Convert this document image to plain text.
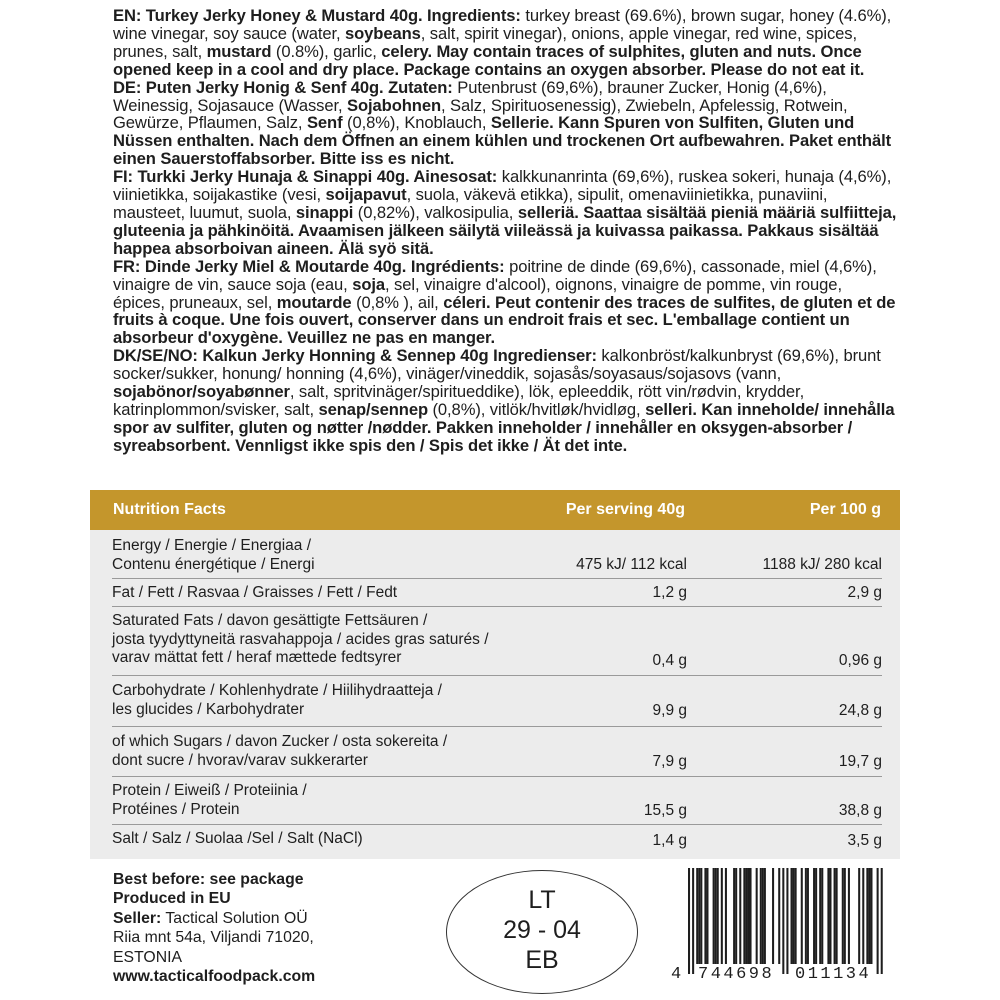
EN: Turkey Jerky Honey & Mustard 40g. Ingredients: turkey breast (69.6%), brown sugar, honey (4.6%), wine vinegar, soy sauce (water, soybeans, salt, spirit vinegar), onions, apple vinegar, red wine, spices, prunes, salt, mustard (0.8%), garlic, celery. May contain traces of sulphites, gluten and nuts. Once opened keep in a cool and dry place. Package contains an oxygen absorber. Please do not eat it.

DE: Puten Jerky Honig & Senf 40g. Zutaten: Putenbrust (69,6%), brauner Zucker, Honig (4,6%), Weinessig, Sojasauce (Wasser, Sojabohnen, Salz, Spirituosenessig), Zwiebeln, Apfelessig, Rotwein, Gewürze, Pflaumen, Salz, Senf (0,8%), Knoblauch, Sellerie. Kann Spuren von Sulfiten, Gluten und Nüssen enthalten. Nach dem Öffnen an einem kühlen und trockenen Ort aufbewahren. Paket enthält einen Sauerstoffabsorber. Bitte iss es nicht.

FI: Turkki Jerky Hunaja & Sinappi 40g. Ainesosat: kalkkunanrinta (69,6%), ruskea sokeri, hunaja (4,6%), viinietikka, soijakastike (vesi, soijapavut, suola, väkevä etikka), sipulit, omenaviinietikka, punaviini, mausteet, luumut, suola, sinappi (0,82%), valkosipulia, selleriä. Saattaa sisältää pieniä määriä sulfiitteja, gluteenia ja pähkinöitä. Avaamisen jälkeen säilytä viileässä ja kuivassa paikassa. Pakkaus sisältää happea absorboivan aineen. Älä syö sitä.

FR: Dinde Jerky Miel & Moutarde 40g. Ingrédients: poitrine de dinde (69,6%), cassonade, miel (4,6%), vinaigre de vin, sauce soja (eau, soja, sel, vinaigre d'alcool), oignons, vinaigre de pomme, vin rouge, épices, pruneaux, sel, moutarde (0,8% ), ail, céleri. Peut contenir des traces de sulfites, de gluten et de fruits à coque. Une fois ouvert, conserver dans un endroit frais et sec. L'emballage contient un absorbeur d'oxygène. Veuillez ne pas en manger.

DK/SE/NO: Kalkun Jerky Honning & Sennep 40g Ingredienser: kalkonbröst/kalkunbryst (69,6%), brunt socker/sukker, honung/ honning (4,6%), vinäger/vineddik, sojasås/soyasaus/sojasovs (vann, sojabönor/soyabønner, salt, spritvinäger/spiritueddike), lök, epleeddik, rött vin/rødvin, krydder, katrinplommon/svisker, salt, senap/sennep (0,8%), vitlök/hvitløk/hvidløg, selleri. Kan inneholde/ innehålla spor av sulfiter, gluten og nøtter /nødder. Pakken inneholder / innehåller en oksygen-absorber / syreabsorbent. Vennligst ikke spis den / Spis det ikke / Ät det inte.

Nutrition Facts	Per serving 40g	Per 100 g
Energy / Energie / Energiaa /
Contenu énergétique / Energi	475 kJ/ 112 kcal	1188 kJ/ 280 kcal
Fat / Fett / Rasvaa / Graisses / Fett / Fedt	1,2 g	2,9 g
Saturated Fats / davon gesättigte Fettsäuren /
josta tyydyttyneitä rasvahappoja / acides gras saturés /
varav mättat fett / heraf mættede fedtsyrer	0,4 g	0,96 g
Carbohydrate / Kohlenhydrate / Hiilihydraatteja /
les glucides / Karbohydrater	9,9 g	24,8 g
of which Sugars / davon Zucker / osta sokereita /
dont sucre / hvorav/varav sukkerarter	7,9 g	19,7 g
Protein / Eiweiß / Proteiinia /
Protéines / Protein	15,5 g	38,8 g
Salt / Salz / Suolaa /Sel / Salt (NaCl)	1,4 g	3,5 g
Best before: see package
Produced in EU
Seller: Tactical Solution OÜ
Riia mnt 54a, Viljandi 71020,
ESTONIA
www.tacticalfoodpack.com
LT
29 - 04
EB
4 744698 011134
